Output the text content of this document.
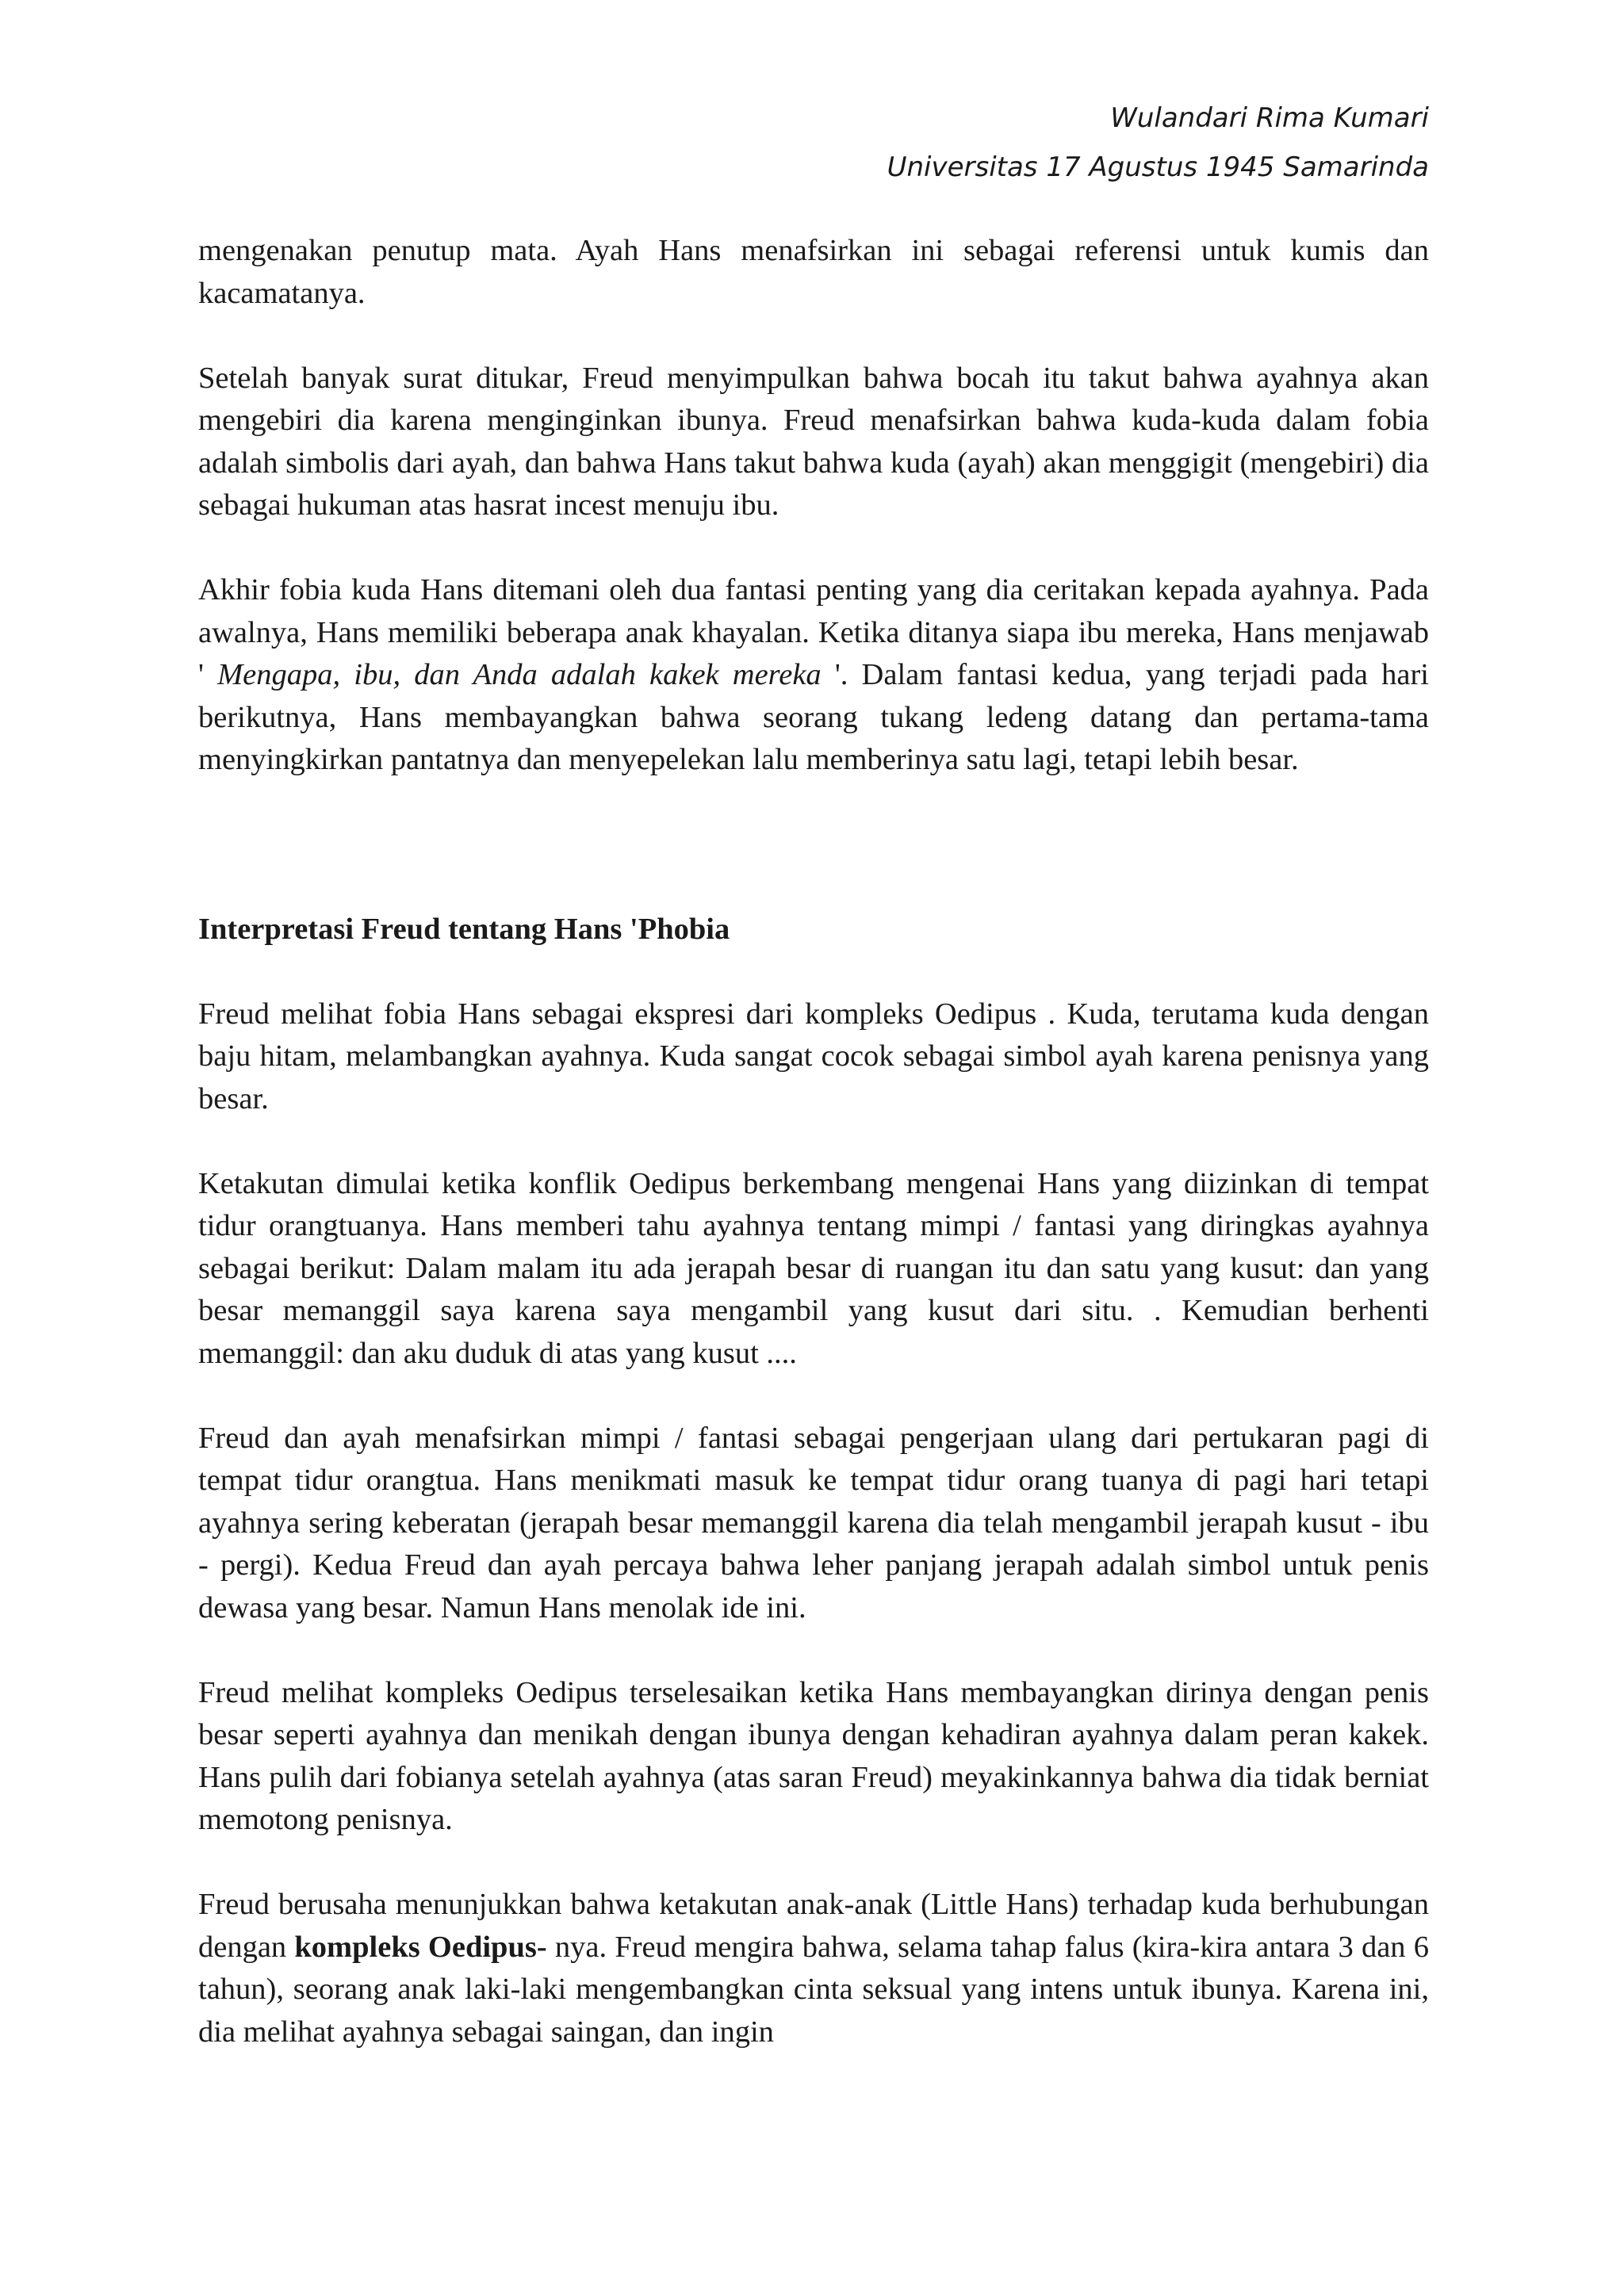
Wulandari Rima Kumari
Universitas 17 Agustus 1945 Samarinda

mengenakan penutup mata. Ayah Hans menafsirkan ini sebagai referensi untuk kumis dan kacamatanya.

Setelah banyak surat ditukar, Freud menyimpulkan bahwa bocah itu takut bahwa ayahnya akan mengebiri dia karena menginginkan ibunya. Freud menafsirkan bahwa kuda-kuda dalam fobia adalah simbolis dari ayah, dan bahwa Hans takut bahwa kuda (ayah) akan menggigit (mengebiri) dia sebagai hukuman atas hasrat incest menuju ibu.

Akhir fobia kuda Hans ditemani oleh dua fantasi penting yang dia ceritakan kepada ayahnya. Pada awalnya, Hans memiliki beberapa anak khayalan. Ketika ditanya siapa ibu mereka, Hans menjawab ' Mengapa, ibu, dan Anda adalah kakek mereka '. Dalam fantasi kedua, yang terjadi pada hari berikutnya, Hans membayangkan bahwa seorang tukang ledeng datang dan pertama-tama menyingkirkan pantatnya dan menyepelekan lalu memberinya satu lagi, tetapi lebih besar.

Interpretasi Freud tentang Hans 'Phobia

Freud melihat fobia Hans sebagai ekspresi dari kompleks Oedipus . Kuda, terutama kuda dengan baju hitam, melambangkan ayahnya. Kuda sangat cocok sebagai simbol ayah karena penisnya yang besar.

Ketakutan dimulai ketika konflik Oedipus berkembang mengenai Hans yang diizinkan di tempat tidur orangtuanya. Hans memberi tahu ayahnya tentang mimpi / fantasi yang diringkas ayahnya sebagai berikut: Dalam malam itu ada jerapah besar di ruangan itu dan satu yang kusut: dan yang besar memanggil saya karena saya mengambil yang kusut dari situ. . Kemudian berhenti memanggil: dan aku duduk di atas yang kusut ....

Freud dan ayah menafsirkan mimpi / fantasi sebagai pengerjaan ulang dari pertukaran pagi di tempat tidur orangtua. Hans menikmati masuk ke tempat tidur orang tuanya di pagi hari tetapi ayahnya sering keberatan (jerapah besar memanggil karena dia telah mengambil jerapah kusut - ibu - pergi). Kedua Freud dan ayah percaya bahwa leher panjang jerapah adalah simbol untuk penis dewasa yang besar. Namun Hans menolak ide ini.

Freud melihat kompleks Oedipus terselesaikan ketika Hans membayangkan dirinya dengan penis besar seperti ayahnya dan menikah dengan ibunya dengan kehadiran ayahnya dalam peran kakek. Hans pulih dari fobianya setelah ayahnya (atas saran Freud) meyakinkannya bahwa dia tidak berniat memotong penisnya.

Freud berusaha menunjukkan bahwa ketakutan anak-anak (Little Hans) terhadap kuda berhubungan dengan kompleks Oedipus- nya. Freud mengira bahwa, selama tahap falus (kira-kira antara 3 dan 6 tahun), seorang anak laki-laki mengembangkan cinta seksual yang intens untuk ibunya. Karena ini, dia melihat ayahnya sebagai saingan, dan ingin
